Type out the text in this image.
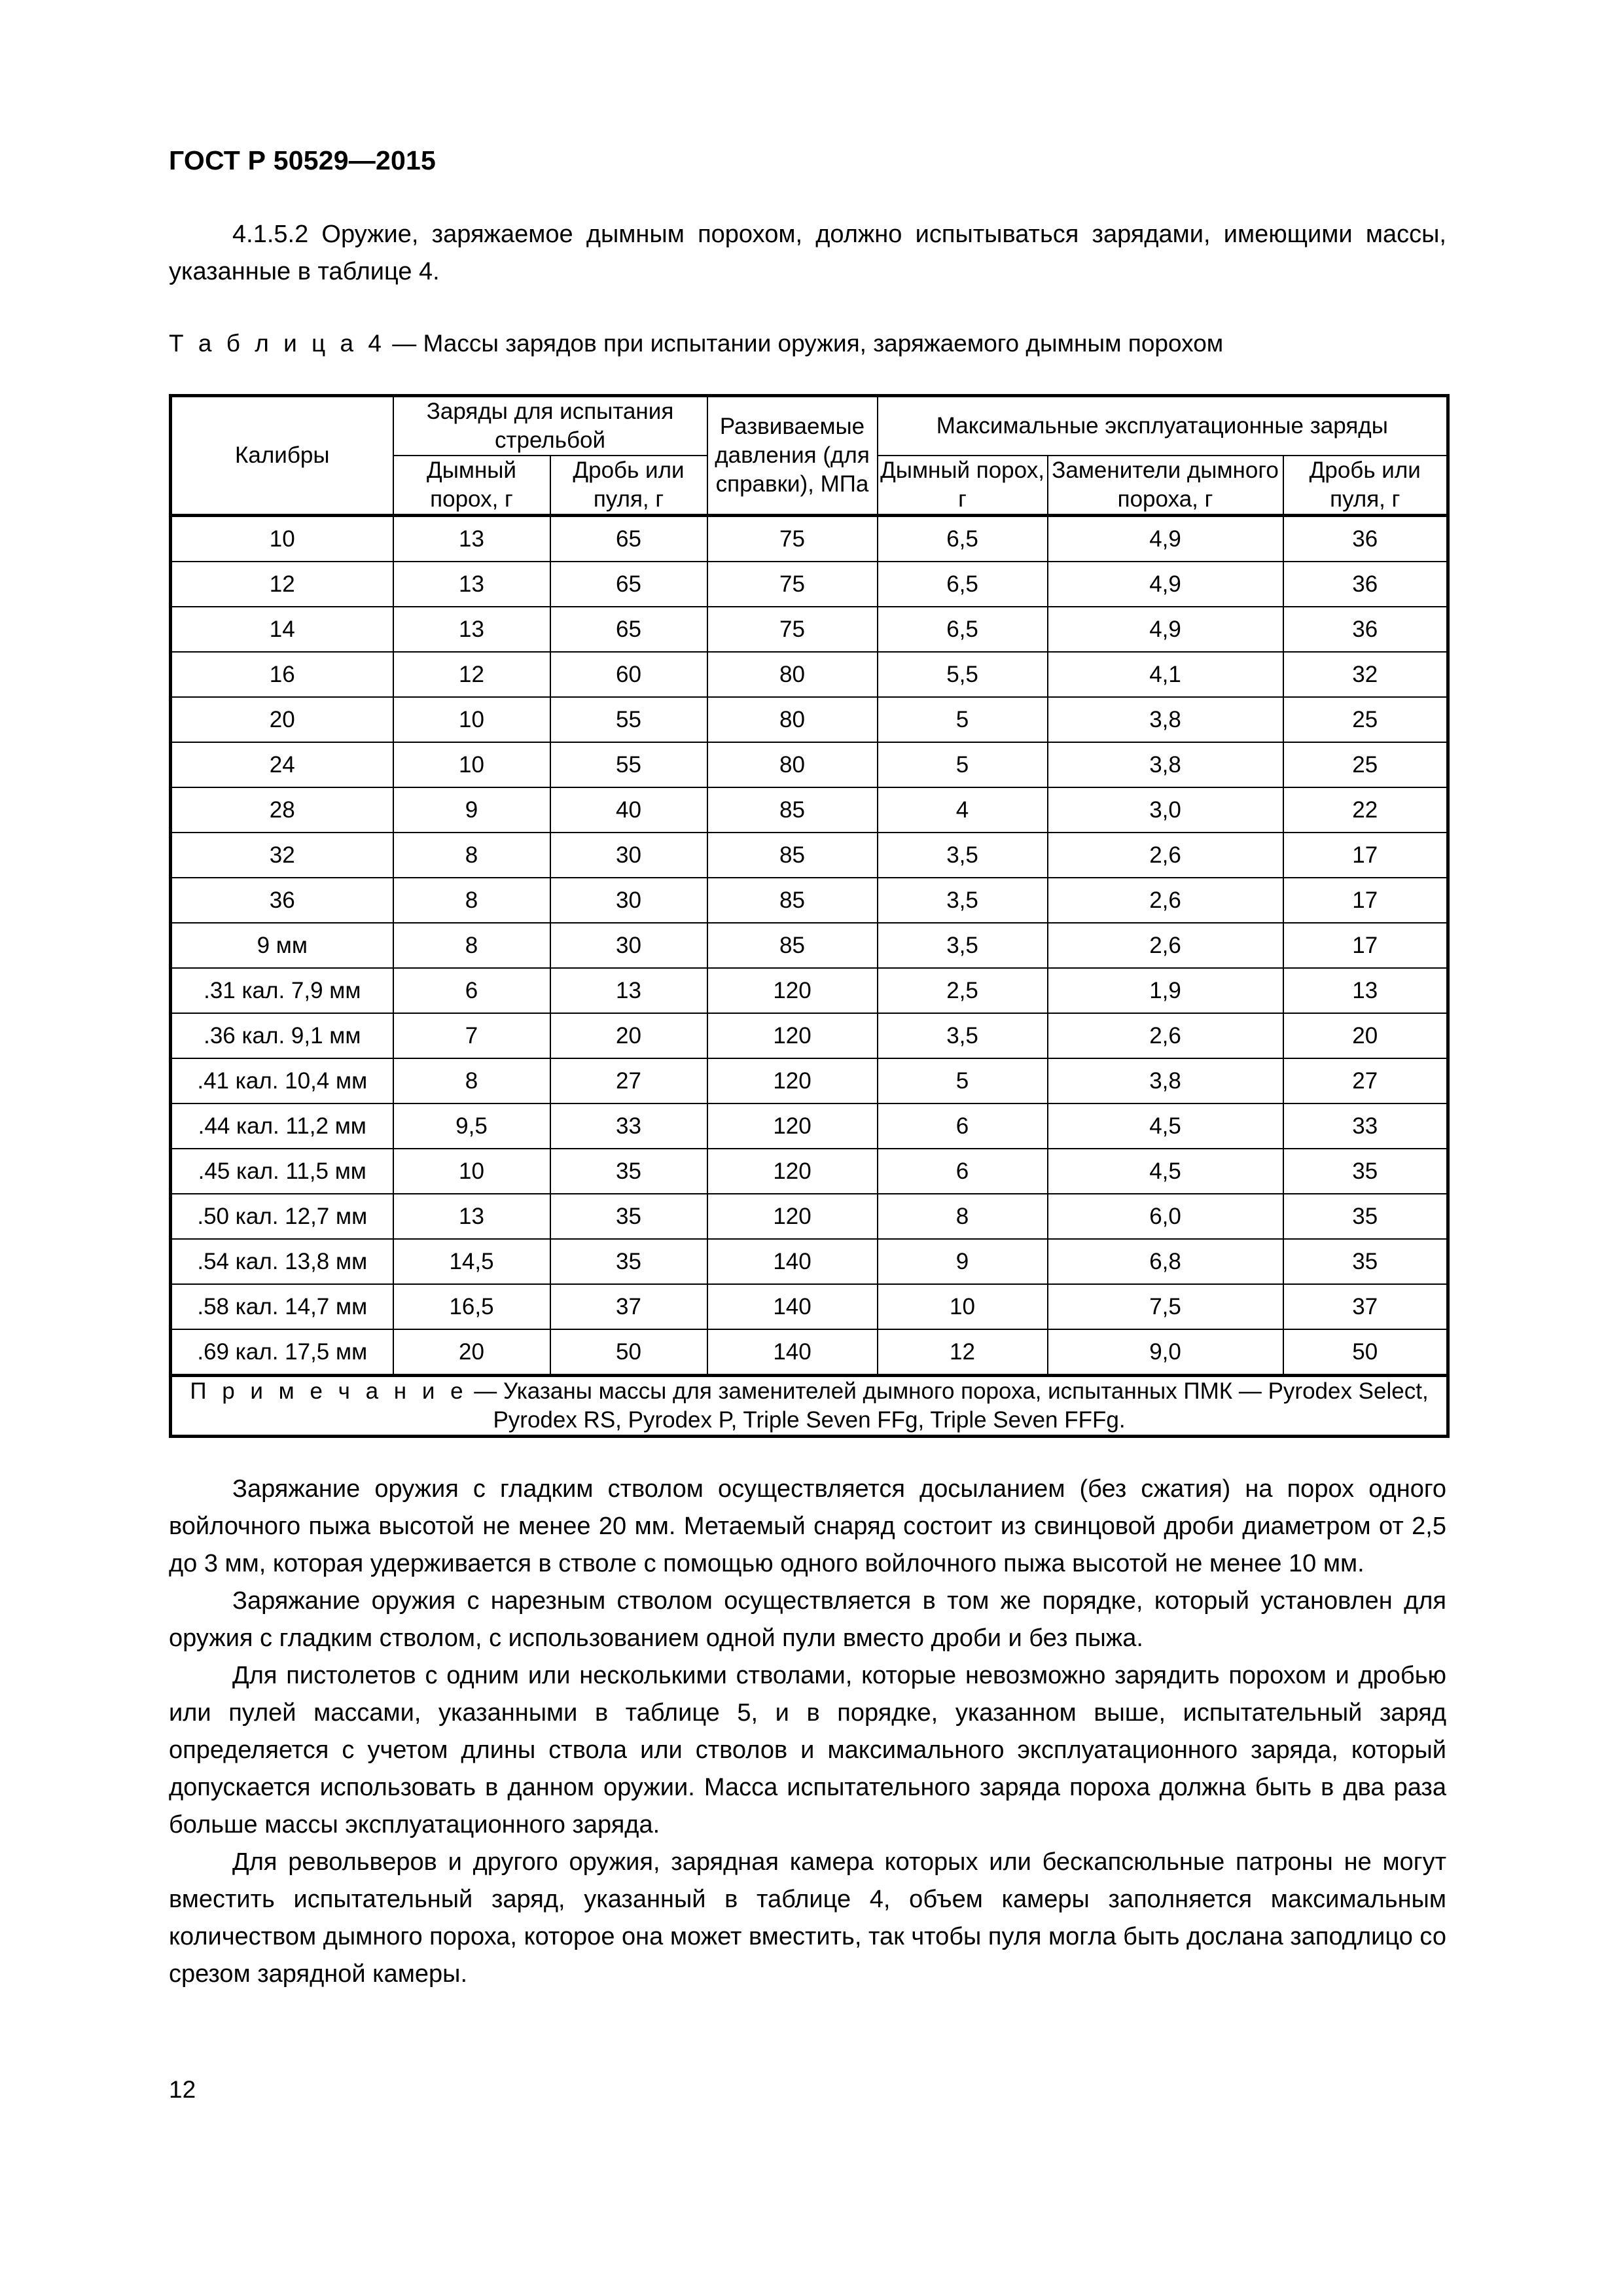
ГОСТ Р 50529—2015

4.1.5.2 Оружие, заряжаемое дымным порохом, должно испытываться зарядами, имеющими массы, указанные в таблице 4.

Т а б л и ц а 4 — Массы зарядов при испытании оружия, заряжаемого дымным порохом

Калибры	Заряды для испытания стрельбой		Развиваемые давления (для справки), МПа	Максимальные эксплуатационные заряды		
	Дымный порох, г	Дробь или пуля, г		Дымный порох, г	Заменители дымного пороха, г	Дробь или пуля, г
10	13	65	75	6,5	4,9	36
12	13	65	75	6,5	4,9	36
14	13	65	75	6,5	4,9	36
16	12	60	80	5,5	4,1	32
20	10	55	80	5	3,8	25
24	10	55	80	5	3,8	25
28	9	40	85	4	3,0	22
32	8	30	85	3,5	2,6	17
36	8	30	85	3,5	2,6	17
9 мм	8	30	85	3,5	2,6	17
.31 кал. 7,9 мм	6	13	120	2,5	1,9	13
.36 кал. 9,1 мм	7	20	120	3,5	2,6	20
.41 кал. 10,4 мм	8	27	120	5	3,8	27
.44 кал. 11,2 мм	9,5	33	120	6	4,5	33
.45 кал. 11,5 мм	10	35	120	6	4,5	35
.50 кал. 12,7 мм	13	35	120	8	6,0	35
.54 кал. 13,8 мм	14,5	35	140	9	6,8	35
.58 кал. 14,7 мм	16,5	37	140	10	7,5	37
.69 кал. 17,5 мм	20	50	140	12	9,0	50
П р и м е ч а н и е — Указаны массы для заменителей дымного пороха, испытанных ПМК — Pyrodex Select, Pyrodex RS, Pyrodex P, Triple Seven FFg, Triple Seven FFFg.						

Заряжание оружия с гладким стволом осуществляется досыланием (без сжатия) на порох одного войлочного пыжа высотой не менее 20 мм. Метаемый снаряд состоит из свинцовой дроби диаметром от 2,5 до 3 мм, которая удерживается в стволе с помощью одного войлочного пыжа высотой не менее 10 мм.

Заряжание оружия с нарезным стволом осуществляется в том же порядке, который установлен для оружия с гладким стволом, с использованием одной пули вместо дроби и без пыжа.

Для пистолетов с одним или несколькими стволами, которые невозможно зарядить порохом и дробью или пулей массами, указанными в таблице 5, и в порядке, указанном выше, испытательный заряд определяется с учетом длины ствола или стволов и максимального эксплуатационного заряда, который допускается использовать в данном оружии. Масса испытательного заряда пороха должна быть в два раза больше массы эксплуатационного заряда.

Для револьверов и другого оружия, зарядная камера которых или бескапсюльные патроны не могут вместить испытательный заряд, указанный в таблице 4, объем камеры заполняется максимальным количеством дымного пороха, которое она может вместить, так чтобы пуля могла быть дослана заподлицо со срезом зарядной камеры.

12
